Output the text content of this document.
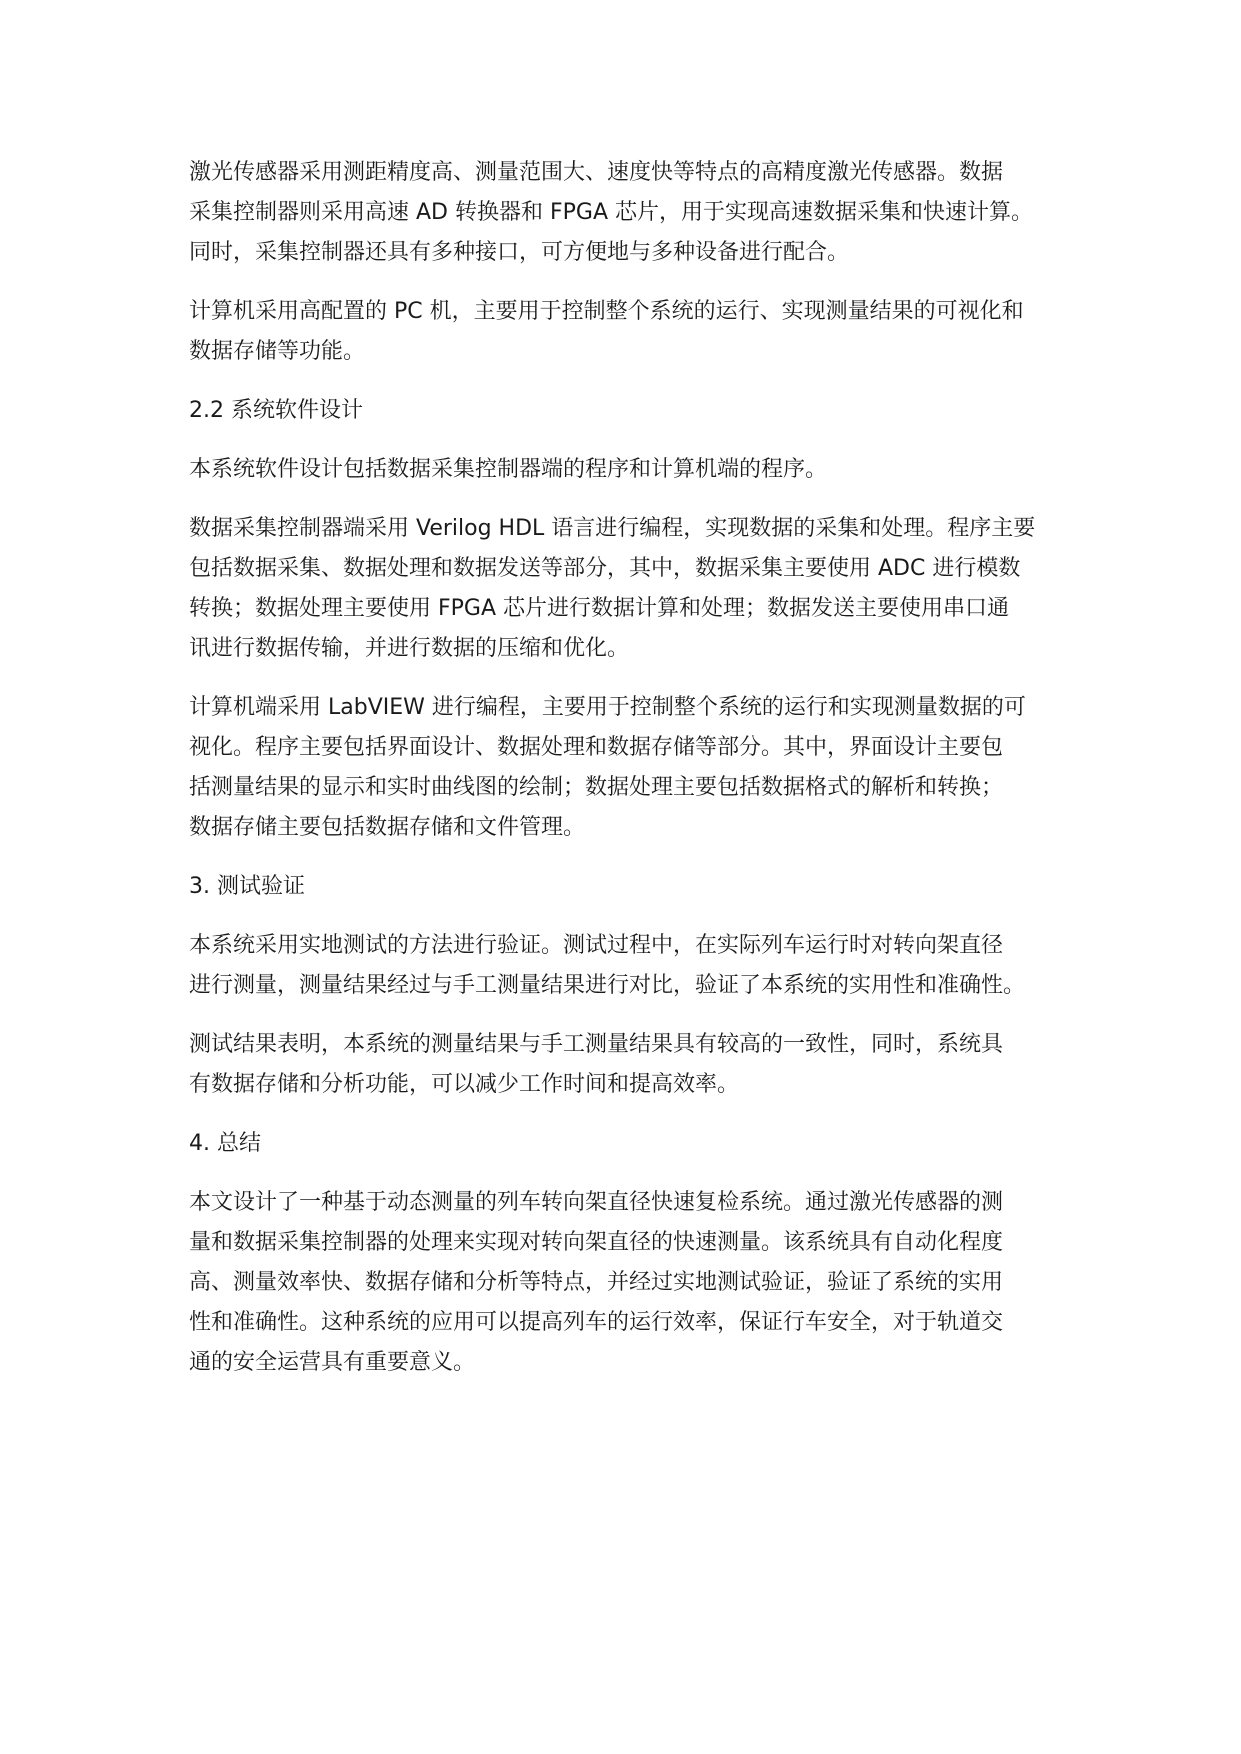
激光传感器采用测距精度高、测量范围大、速度快等特点的高精度激光传感器。数据
采集控制器则采用高速 AD 转换器和 FPGA 芯片，用于实现高速数据采集和快速计算。
同时，采集控制器还具有多种接口，可方便地与多种设备进行配合。
计算机采用高配置的 PC 机，主要用于控制整个系统的运行、实现测量结果的可视化和
数据存储等功能。
2.2 系统软件设计
本系统软件设计包括数据采集控制器端的程序和计算机端的程序。
数据采集控制器端采用 Verilog HDL 语言进行编程，实现数据的采集和处理。程序主要
包括数据采集、数据处理和数据发送等部分，其中，数据采集主要使用 ADC 进行模数
转换；数据处理主要使用 FPGA 芯片进行数据计算和处理；数据发送主要使用串口通
讯进行数据传输，并进行数据的压缩和优化。
计算机端采用 LabVIEW 进行编程，主要用于控制整个系统的运行和实现测量数据的可
视化。程序主要包括界面设计、数据处理和数据存储等部分。其中，界面设计主要包
括测量结果的显示和实时曲线图的绘制；数据处理主要包括数据格式的解析和转换；
数据存储主要包括数据存储和文件管理。
3. 测试验证
本系统采用实地测试的方法进行验证。测试过程中，在实际列车运行时对转向架直径
进行测量，测量结果经过与手工测量结果进行对比，验证了本系统的实用性和准确性。
测试结果表明，本系统的测量结果与手工测量结果具有较高的一致性，同时，系统具
有数据存储和分析功能，可以减少工作时间和提高效率。
4. 总结
本文设计了一种基于动态测量的列车转向架直径快速复检系统。通过激光传感器的测
量和数据采集控制器的处理来实现对转向架直径的快速测量。该系统具有自动化程度
高、测量效率快、数据存储和分析等特点，并经过实地测试验证，验证了系统的实用
性和准确性。这种系统的应用可以提高列车的运行效率，保证行车安全，对于轨道交
通的安全运营具有重要意义。
